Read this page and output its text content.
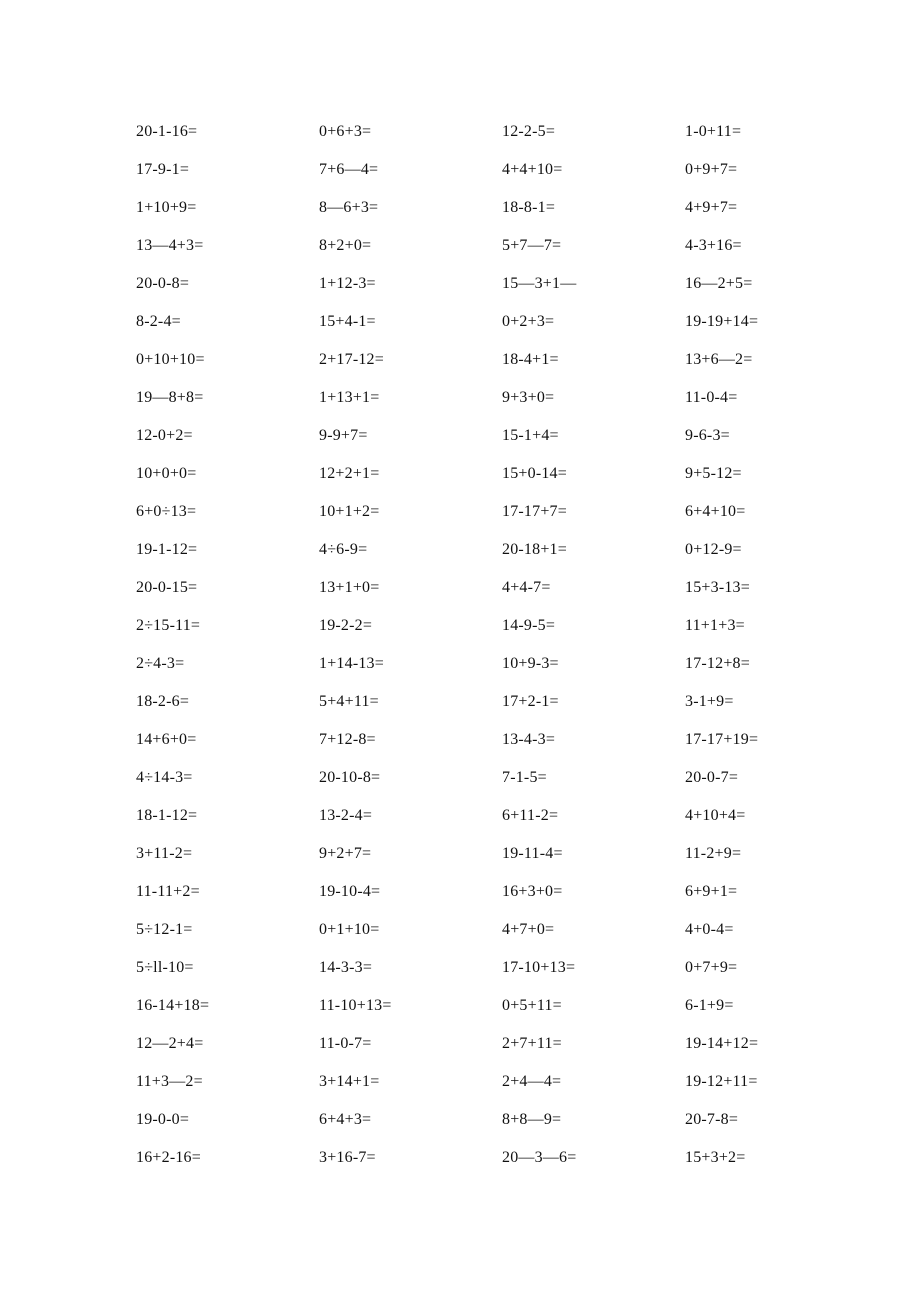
20-1-16=	0+6+3=	12-2-5=	1-0+11=
17-9-1=	7+6—4=	4+4+10=	0+9+7=
1+10+9=	8—6+3=	18-8-1=	4+9+7=
13—4+3=	8+2+0=	5+7—7=	4-3+16=
20-0-8=	1+12-3=	15—3+1—	16—2+5=
8-2-4=	15+4-1=	0+2+3=	19-19+14=
0+10+10=	2+17-12=	18-4+1=	13+6—2=
19—8+8=	1+13+1=	9+3+0=	11-0-4=
12-0+2=	9-9+7=	15-1+4=	9-6-3=
10+0+0=	12+2+1=	15+0-14=	9+5-12=
6+0÷13=	10+1+2=	17-17+7=	6+4+10=
19-1-12=	4÷6-9=	20-18+1=	0+12-9=
20-0-15=	13+1+0=	4+4-7=	15+3-13=
2÷15-11=	19-2-2=	14-9-5=	11+1+3=
2÷4-3=	1+14-13=	10+9-3=	17-12+8=
18-2-6=	5+4+11=	17+2-1=	3-1+9=
14+6+0=	7+12-8=	13-4-3=	17-17+19=
4÷14-3=	20-10-8=	7-1-5=	20-0-7=
18-1-12=	13-2-4=	6+11-2=	4+10+4=
3+11-2=	9+2+7=	19-11-4=	11-2+9=
11-11+2=	19-10-4=	16+3+0=	6+9+1=
5÷12-1=	0+1+10=	4+7+0=	4+0-4=
5÷ll-10=	14-3-3=	17-10+13=	0+7+9=
16-14+18=	11-10+13=	0+5+11=	6-1+9=
12—2+4=	11-0-7=	2+7+11=	19-14+12=
11+3—2=	3+14+1=	2+4—4=	19-12+11=
19-0-0=	6+4+3=	8+8—9=	20-7-8=
16+2-16=	3+16-7=	20—3—6=	15+3+2=
